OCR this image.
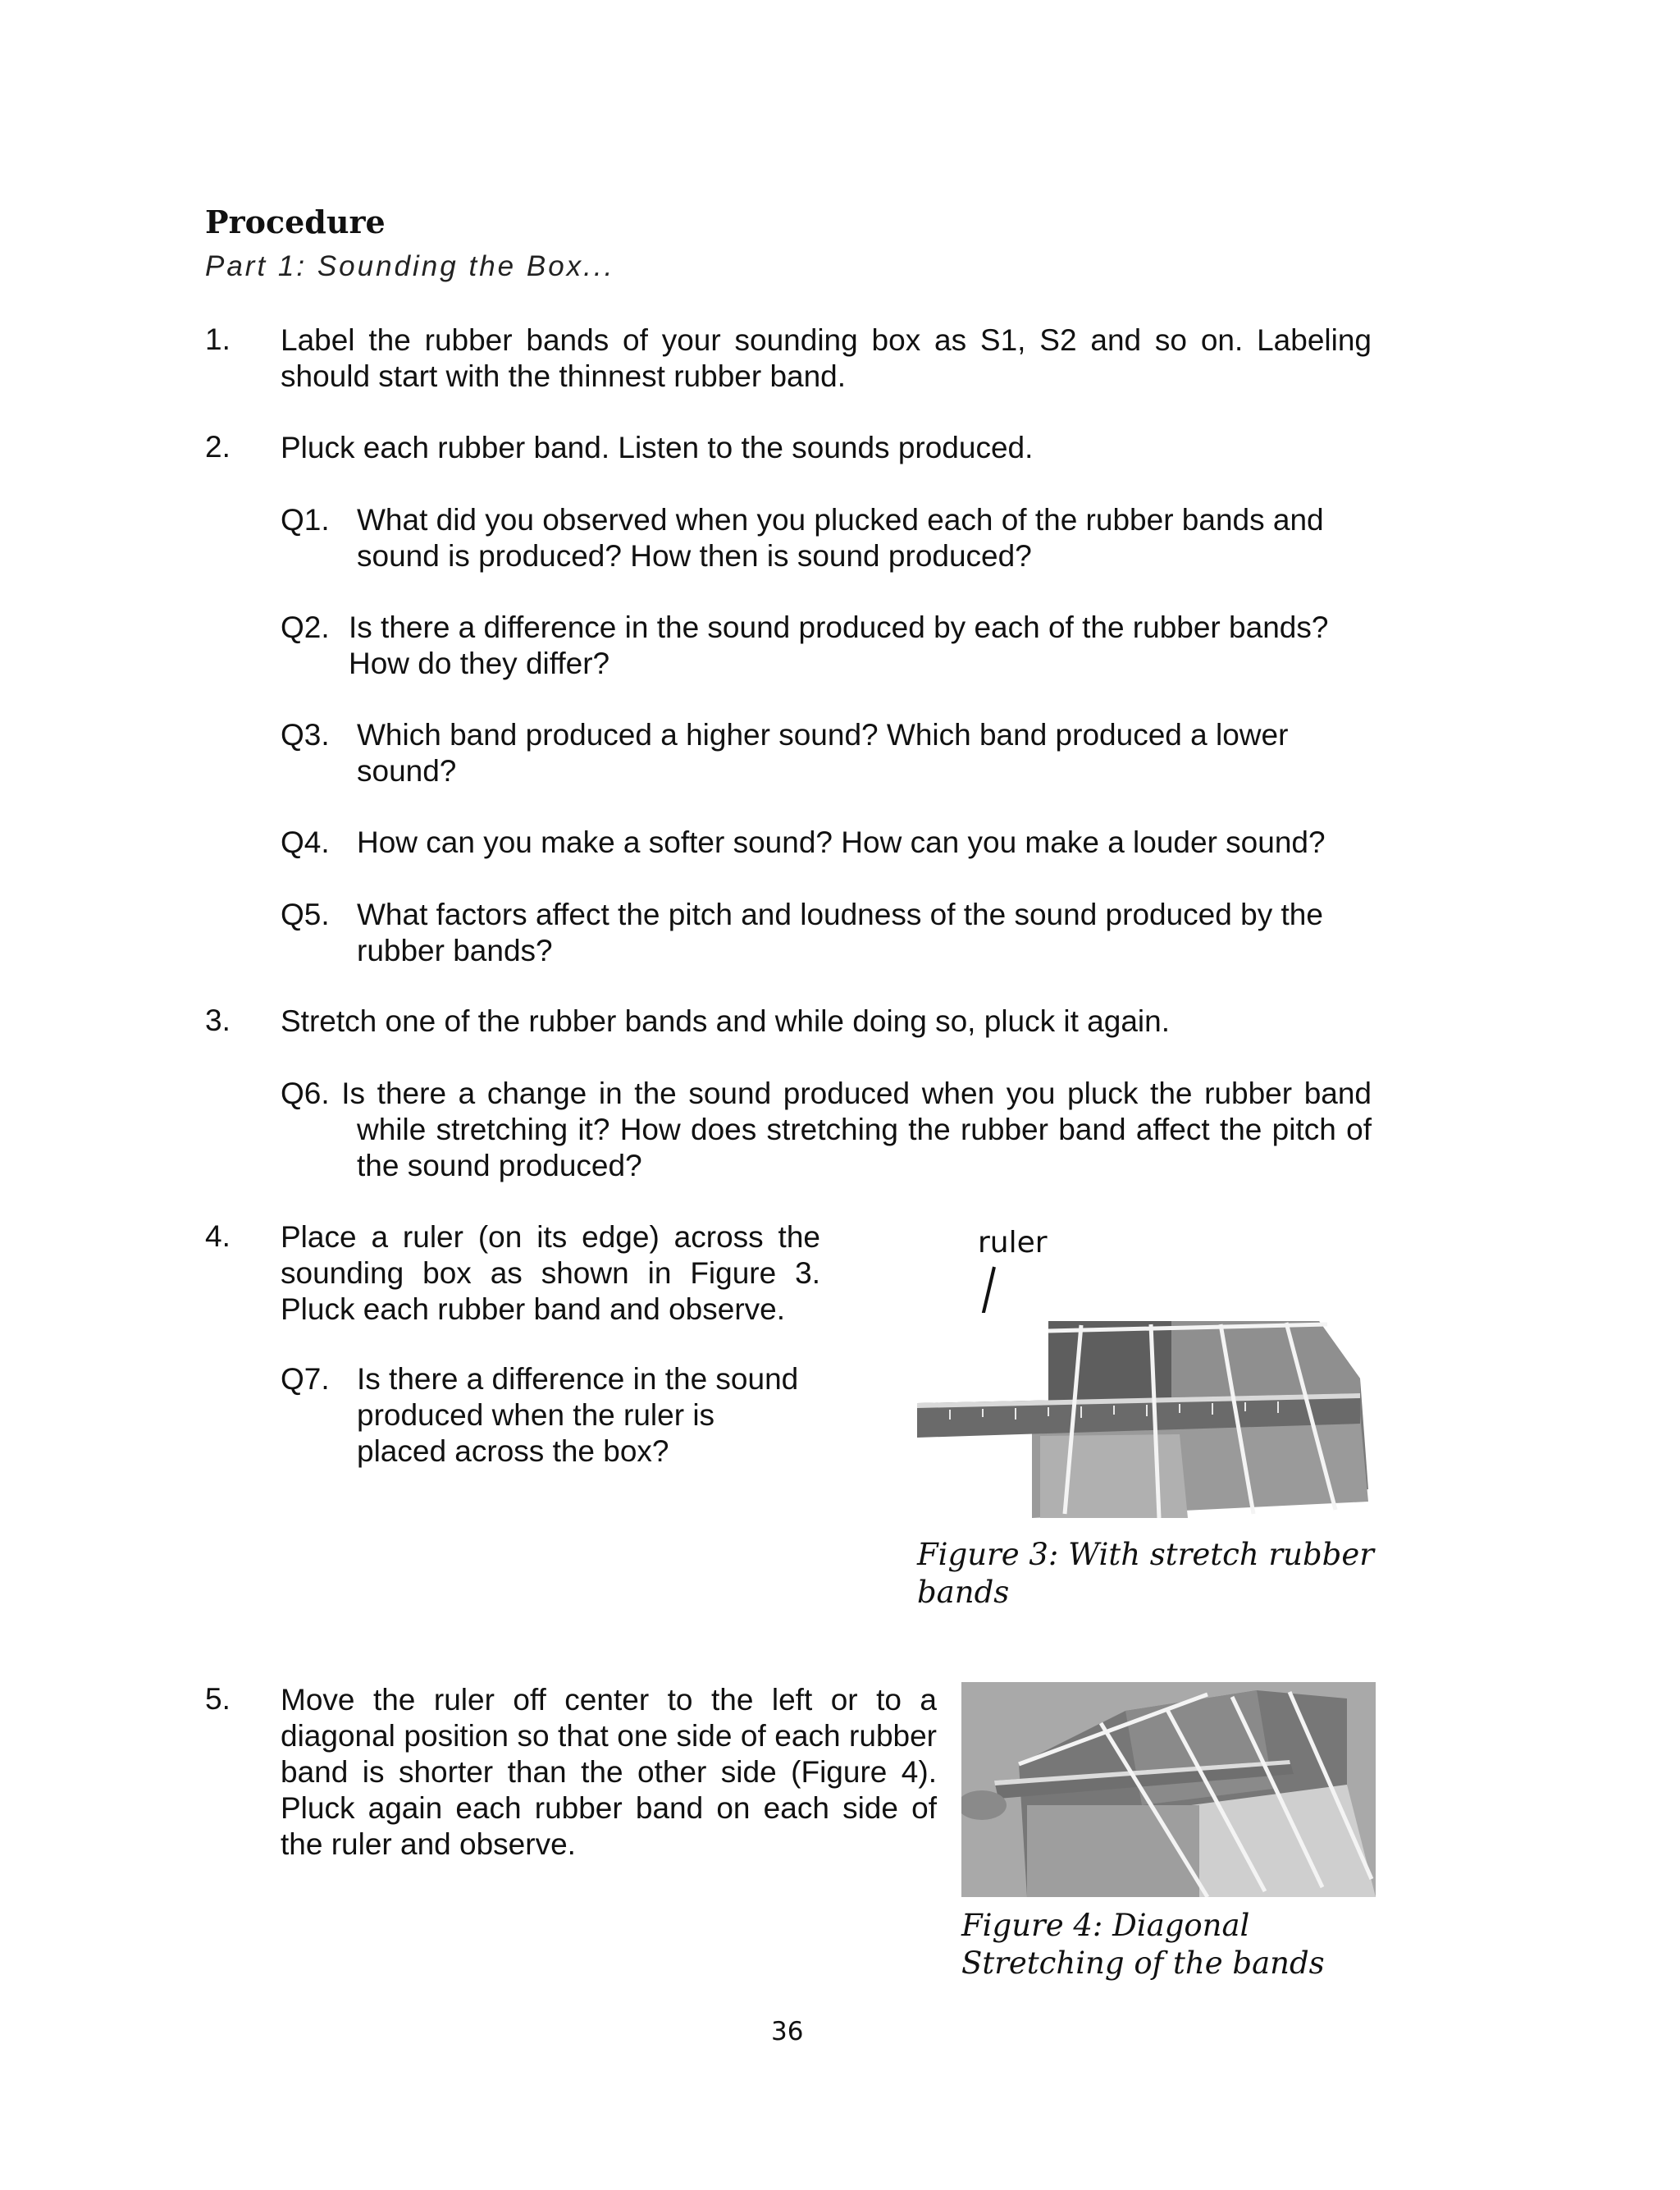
Procedure
Part 1: Sounding the Box...
1. Label the rubber bands of your sounding box as S1, S2 and so on. Labeling should start with the thinnest rubber band.
2. Pluck each rubber band. Listen to the sounds produced.
Q1. What did you observed when you plucked each of the rubber bands and sound is produced? How then is sound produced?
Q2. Is there a difference in the sound produced by each of the rubber bands? How do they differ?
Q3. Which band produced a higher sound? Which band produced a lower sound?
Q4. How can you make a softer sound? How can you make a louder sound?
Q5. What factors affect the pitch and loudness of the sound produced by the rubber bands?
3. Stretch one of the rubber bands and while doing so, pluck it again.
Q6. Is there a change in the sound produced when you pluck the rubber band while stretching it? How does stretching the rubber band affect the pitch of the sound produced?
4. Place a ruler (on its edge) across the sounding box as shown in Figure 3. Pluck each rubber band and observe.
Q7. Is there a difference in the sound produced when the ruler is placed across the box?
ruler
Figure 3: With stretch rubber bands
5. Move the ruler off center to the left or to a diagonal position so that one side of each rubber band is shorter than the other side (Figure 4). Pluck again each rubber band on each side of the ruler and observe.
Figure 4: Diagonal Stretching of the bands
36
